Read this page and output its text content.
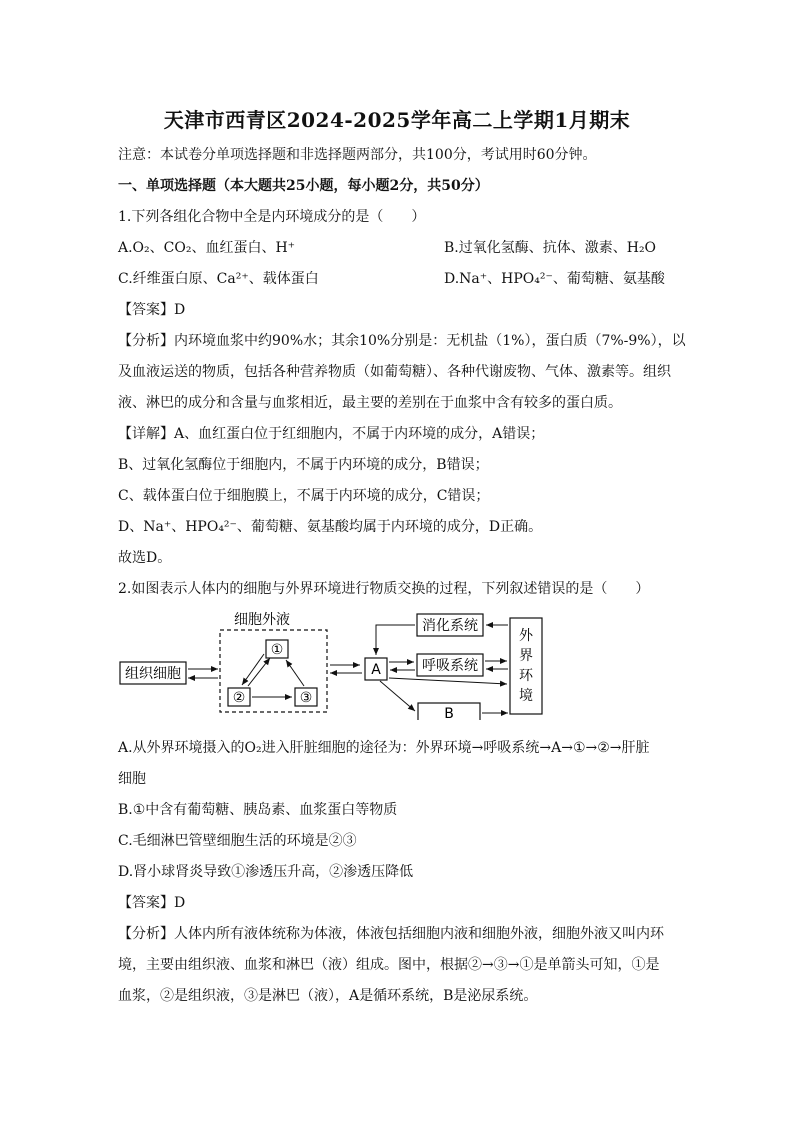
天津市西青区2024-2025学年高二上学期1月期末
注意：本试卷分单项选择题和非选择题两部分，共100分，考试用时60分钟。
一、单项选择题（本大题共25小题，每小题2分，共50分）
1.下列各组化合物中全是内环境成分的是（　　）
A.O₂、CO₂、血红蛋白、H⁺	B.过氧化氢酶、抗体、激素、H₂O
C.纤维蛋白原、Ca²⁺、载体蛋白	D.Na⁺、HPO₄²⁻、葡萄糖、氨基酸
【答案】D
【分析】内环境血浆中约90%水；其余10%分别是：无机盐（1%），蛋白质（7%-9%），以
及血液运送的物质，包括各种营养物质（如葡萄糖）、各种代谢废物、气体、激素等。组织
液、淋巴的成分和含量与血浆相近，最主要的差别在于血浆中含有较多的蛋白质。
【详解】A、血红蛋白位于红细胞内，不属于内环境的成分，A错误；
B、过氧化氢酶位于细胞内，不属于内环境的成分，B错误；
C、载体蛋白位于细胞膜上，不属于内环境的成分，C错误；
D、Na⁺、HPO₄²⁻、葡萄糖、氨基酸均属于内环境的成分，D正确。
故选D。
2.如图表示人体内的细胞与外界环境进行物质交换的过程，下列叙述错误的是（　　）
细胞外液
组织细胞
①
②	③
A
消化系统
呼吸系统
B
外
界
环
境
A.从外界环境摄入的O₂进入肝脏细胞的途径为：外界环境→呼吸系统→A→①→②→肝脏
细胞
B.①中含有葡萄糖、胰岛素、血浆蛋白等物质
C.毛细淋巴管壁细胞生活的环境是②③
D.肾小球肾炎导致①渗透压升高，②渗透压降低
【答案】D
【分析】人体内所有液体统称为体液，体液包括细胞内液和细胞外液，细胞外液又叫内环
境，主要由组织液、血浆和淋巴（液）组成。图中，根据②→③→①是单箭头可知，①是
血浆，②是组织液，③是淋巴（液），A是循环系统，B是泌尿系统。
